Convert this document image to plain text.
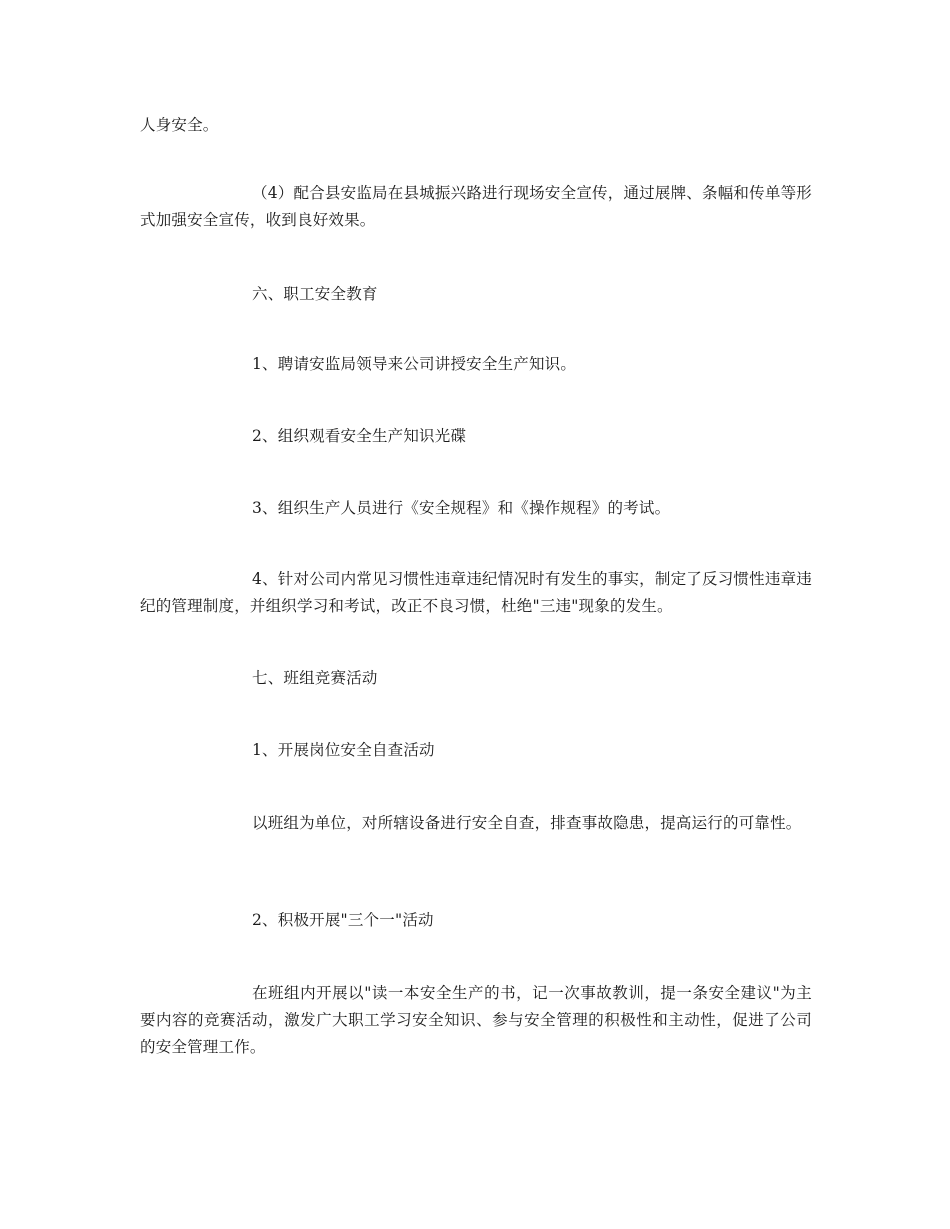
人身安全。

（4）配合县安监局在县城振兴路进行现场安全宣传，通过展牌、条幅和传单等形式加强安全宣传，收到良好效果。

六、职工安全教育

1、聘请安监局领导来公司讲授安全生产知识。

2、组织观看安全生产知识光碟

3、组织生产人员进行《安全规程》和《操作规程》的考试。

4、针对公司内常见习惯性违章违纪情况时有发生的事实，制定了反习惯性违章违纪的管理制度，并组织学习和考试，改正不良习惯，杜绝"三违"现象的发生。

七、班组竞赛活动

1、开展岗位安全自查活动

以班组为单位，对所辖设备进行安全自查，排查事故隐患，提高运行的可靠性。

2、积极开展"三个一"活动

在班组内开展以"读一本安全生产的书，记一次事故教训，提一条安全建议"为主要内容的竞赛活动，激发广大职工学习安全知识、参与安全管理的积极性和主动性，促进了公司的安全管理工作。
